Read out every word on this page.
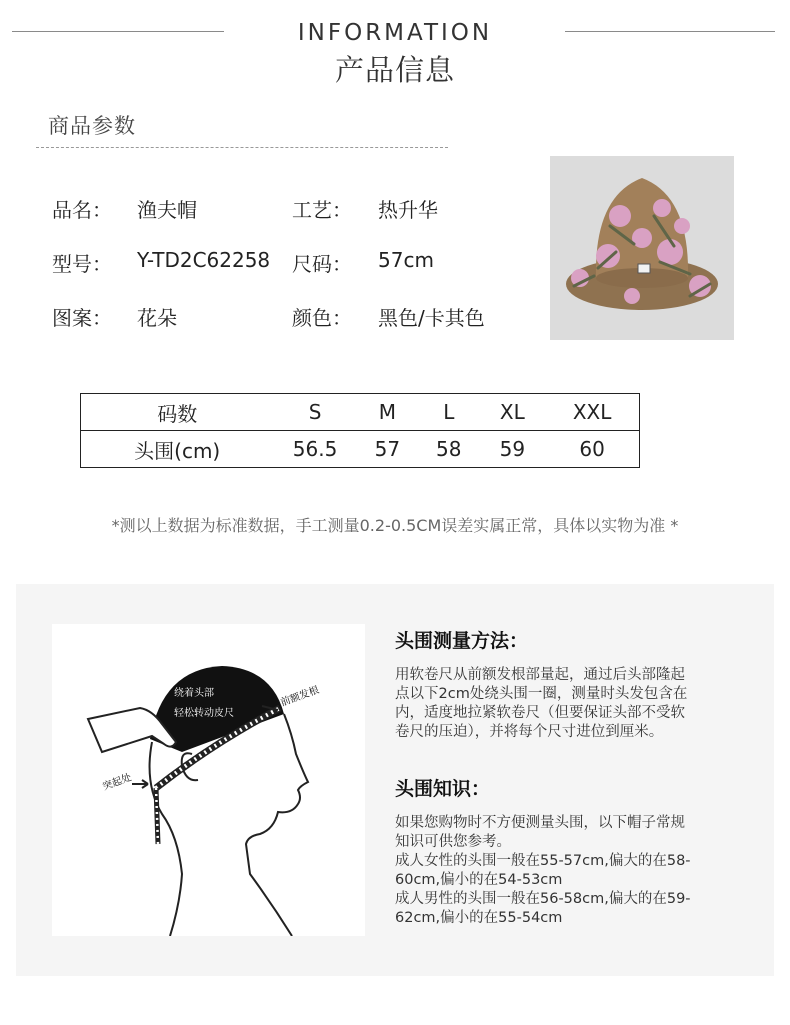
INFORMATION
产品信息
商品参数
品名： 渔夫帽	工艺： 热升华
型号： Y-TD2C62258 尺码： 57cm
图案： 花朵	颜色： 黑色/卡其色
码数	S	M	L	XL	XXL
头围(cm)	56.5	57	58	59	60
*测以上数据为标准数据，手工测量0.2-0.5CM误差实属正常，具体以实物为准 *
绕着头部
轻松转动皮尺
前额发根
突起处
头围测量方法：
用软卷尺从前额发根部量起，通过后头部隆起
点以下2cm处绕头围一圈，测量时头发包含在
内，适度地拉紧软卷尺（但要保证头部不受软
卷尺的压迫），并将每个尺寸进位到厘米。
头围知识：
如果您购物时不方便测量头围，以下帽子常规
知识可供您参考。
成人女性的头围一般在55-57cm,偏大的在58-
60cm,偏小的在54-53cm
成人男性的头围一般在56-58cm,偏大的在59-
62cm,偏小的在55-54cm
